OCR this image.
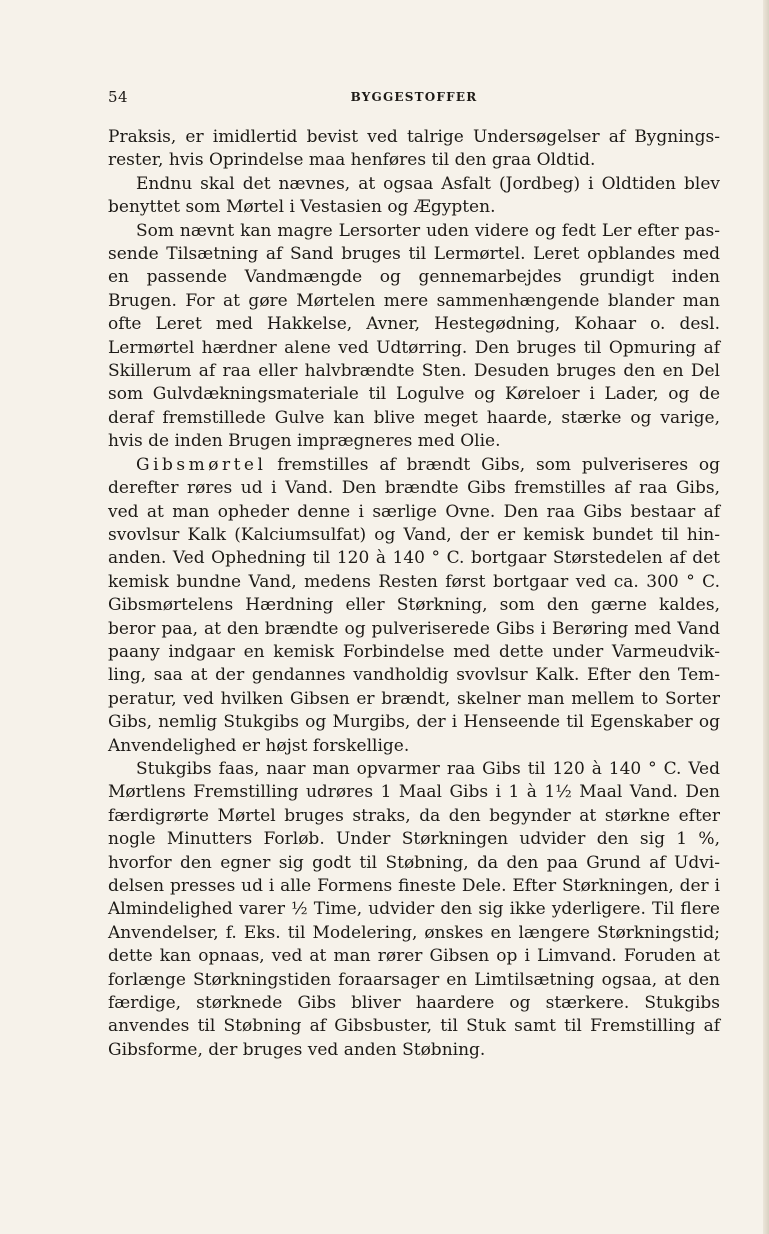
54	BYGGESTOFFER

Praksis, er imidlertid bevist ved talrige Undersøgelser af Bygningsrester, hvis Oprindelse maa henføres til den graa Oldtid.

Endnu skal det nævnes, at ogsaa Asfalt (Jordbeg) i Oldtiden blev benyttet som Mørtel i Vestasien og Ægypten.

Som nævnt kan magre Lersorter uden videre og fedt Ler efter passende Tilsætning af Sand bruges til Lermørtel. Leret opblandes med en passende Vandmængde og gennemarbejdes grundigt inden Brugen. For at gøre Mørtelen mere sammenhængende blander man ofte Leret med Hakkelse, Avner, Hestegødning, Kohaar o. desl. Lermørtel hærdner alene ved Udtørring. Den bruges til Opmuring af Skillerum af raa eller halvbrændte Sten. Desuden bruges den en Del som Gulvdækningsmateriale til Logulve og Køreloer i Lader, og de deraf fremstillede Gulve kan blive meget haarde, stærke og varige, hvis de inden Brugen imprægneres med Olie.

Gibsmørtel fremstilles af brændt Gibs, som pulveriseres og derefter røres ud i Vand. Den brændte Gibs fremstilles af raa Gibs, ved at man opheder denne i særlige Ovne. Den raa Gibs bestaar af svovlsur Kalk (Kalciumsulfat) og Vand, der er kemisk bundet til hinanden. Ved Ophedning til 120 à 140 ° C. bortgaar Størstedelen af det kemisk bundne Vand, medens Resten først bortgaar ved ca. 300 ° C. Gibsmørtelens Hærdning eller Størkning, som den gærne kaldes, beror paa, at den brændte og pulveriserede Gibs i Berøring med Vand paany indgaar en kemisk Forbindelse med dette under Varmeudvikling, saa at der gendannes vandholdig svovlsur Kalk. Efter den Temperatur, ved hvilken Gibsen er brændt, skelner man mellem to Sorter Gibs, nemlig Stukgibs og Murgibs, der i Henseende til Egenskaber og Anvendelighed er højst forskellige.

Stukgibs faas, naar man opvarmer raa Gibs til 120 à 140 ° C. Ved Mørtlens Fremstilling udrøres 1 Maal Gibs i 1 à 1½ Maal Vand. Den færdigrørte Mørtel bruges straks, da den begynder at størkne efter nogle Minutters Forløb. Under Størkningen udvider den sig 1 %, hvorfor den egner sig godt til Støbning, da den paa Grund af Udvidelsen presses ud i alle Formens fineste Dele. Efter Størkningen, der i Almindelighed varer ½ Time, udvider den sig ikke yderligere. Til flere Anvendelser, f. Eks. til Modelering, ønskes en længere Størkningstid; dette kan opnaas, ved at man rører Gibsen op i Limvand. Foruden at forlænge Størkningstiden foraarsager en Limtilsætning ogsaa, at den færdige, størknede Gibs bliver haardere og stærkere. Stukgibs anvendes til Støbning af Gibsbuster, til Stuk samt til Fremstilling af Gibsforme, der bruges ved anden Støbning.
